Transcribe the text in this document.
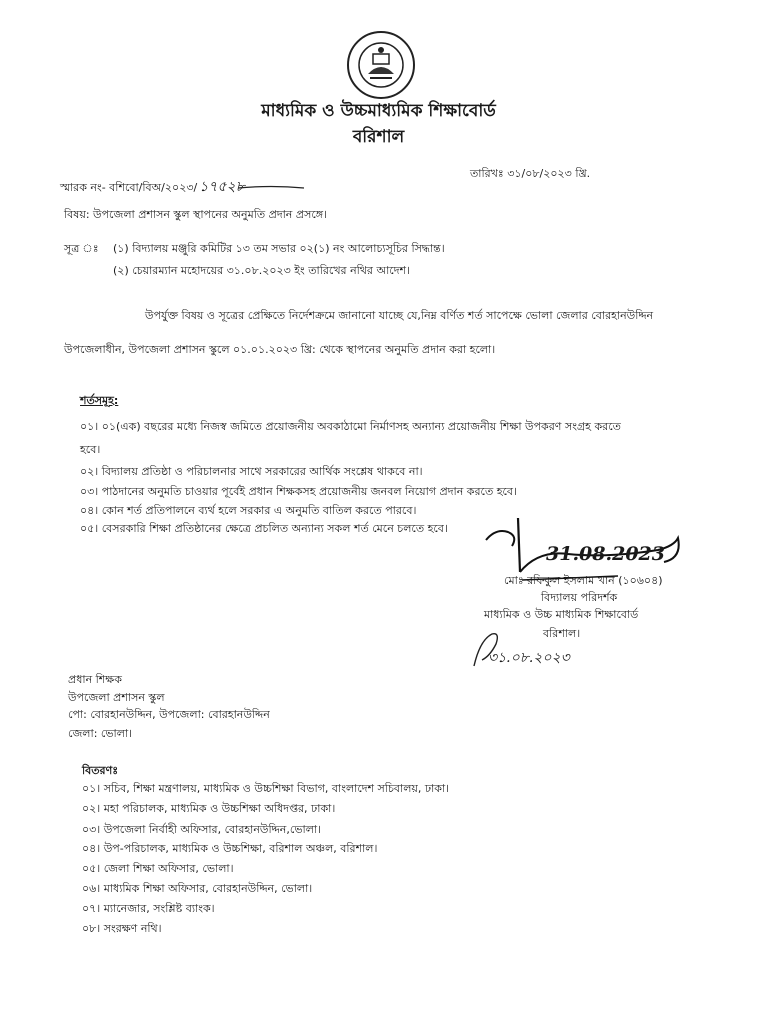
মাধ্যমিক ও উচ্চমাধ্যমিক শিক্ষাবোর্ড
বরিশাল
স্মারক নং- বশিবো/বিঅ/২০২৩/ ১৭৫২৮
তারিখঃ ৩১/০৮/২০২৩ খ্রি.
বিষয়: উপজেলা প্রশাসন স্কুল স্থাপনের অনুমতি প্রদান প্রসঙ্গে।
সূত্র ঃ (১) বিদ্যালয় মঞ্জুরি কমিটির ১৩ তম সভার ০২(১) নং আলোচ্যসূচির সিদ্ধান্ত।
(২) চেয়ারম্যান মহোদয়ের ৩১.০৮.২০২৩ ইং তারিখের নথির আদেশ।
উপর্যুক্ত বিষয় ও সূত্রের প্রেক্ষিতে নির্দেশক্রমে জানানো যাচ্ছে যে,নিম্ন বর্ণিত শর্ত সাপেক্ষে ভোলা জেলার বোরহানউদ্দিন
উপজেলাধীন, উপজেলা প্রশাসন স্কুলে ০১.০১.২০২৩ খ্রি: থেকে স্থাপনের অনুমতি প্রদান করা হলো।
শর্তসমূহ:
০১। ০১(এক) বছরের মধ্যে নিজস্ব জমিতে প্রয়োজনীয় অবকাঠামো নির্মাণসহ অন্যান্য প্রয়োজনীয় শিক্ষা উপকরণ সংগ্রহ করতে
হবে।
০২। বিদ্যালয় প্রতিষ্ঠা ও পরিচালনার সাথে সরকারের আর্থিক সংশ্লেষ থাকবে না।
০৩। পাঠদানের অনুমতি চাওয়ার পূর্বেই প্রধান শিক্ষকসহ প্রয়োজনীয় জনবল নিয়োগ প্রদান করতে হবে।
০৪। কোন শর্ত প্রতিপালনে ব্যর্থ হলে সরকার এ অনুমতি বাতিল করতে পারবে।
০৫। বেসরকারি শিক্ষা প্রতিষ্ঠানের ক্ষেত্রে প্রচলিত অন্যান্য সকল শর্ত মেনে চলতে হবে।
31.08.2023
মোঃ রফিকুল ইসলাম খান (১০৬০৪)
বিদ্যালয় পরিদর্শক
মাধ্যমিক ও উচ্চ মাধ্যমিক শিক্ষাবোর্ড
বরিশাল।
৩১.০৮.২০২৩
প্রধান শিক্ষক
উপজেলা প্রশাসন স্কুল
পো: বোরহানউদ্দিন, উপজেলা: বোরহানউদ্দিন
জেলা: ভোলা।
বিতরণঃ
০১। সচিব, শিক্ষা মন্ত্রণালয়, মাধ্যমিক ও উচ্চশিক্ষা বিভাগ, বাংলাদেশ সচিবালয়, ঢাকা।
০২। মহা পরিচালক, মাধ্যমিক ও উচ্চশিক্ষা অধিদপ্তর, ঢাকা।
০৩। উপজেলা নির্বাহী অফিসার, বোরহানউদ্দিন,ভোলা।
০৪। উপ-পরিচালক, মাধ্যমিক ও উচ্চশিক্ষা, বরিশাল অঞ্চল, বরিশাল।
০৫। জেলা শিক্ষা অফিসার, ভোলা।
০৬। মাধ্যমিক শিক্ষা অফিসার, বোরহানউদ্দিন, ভোলা।
০৭। ম্যানেজার, সংশ্লিষ্ট ব্যাংক।
০৮। সংরক্ষণ নথি।
